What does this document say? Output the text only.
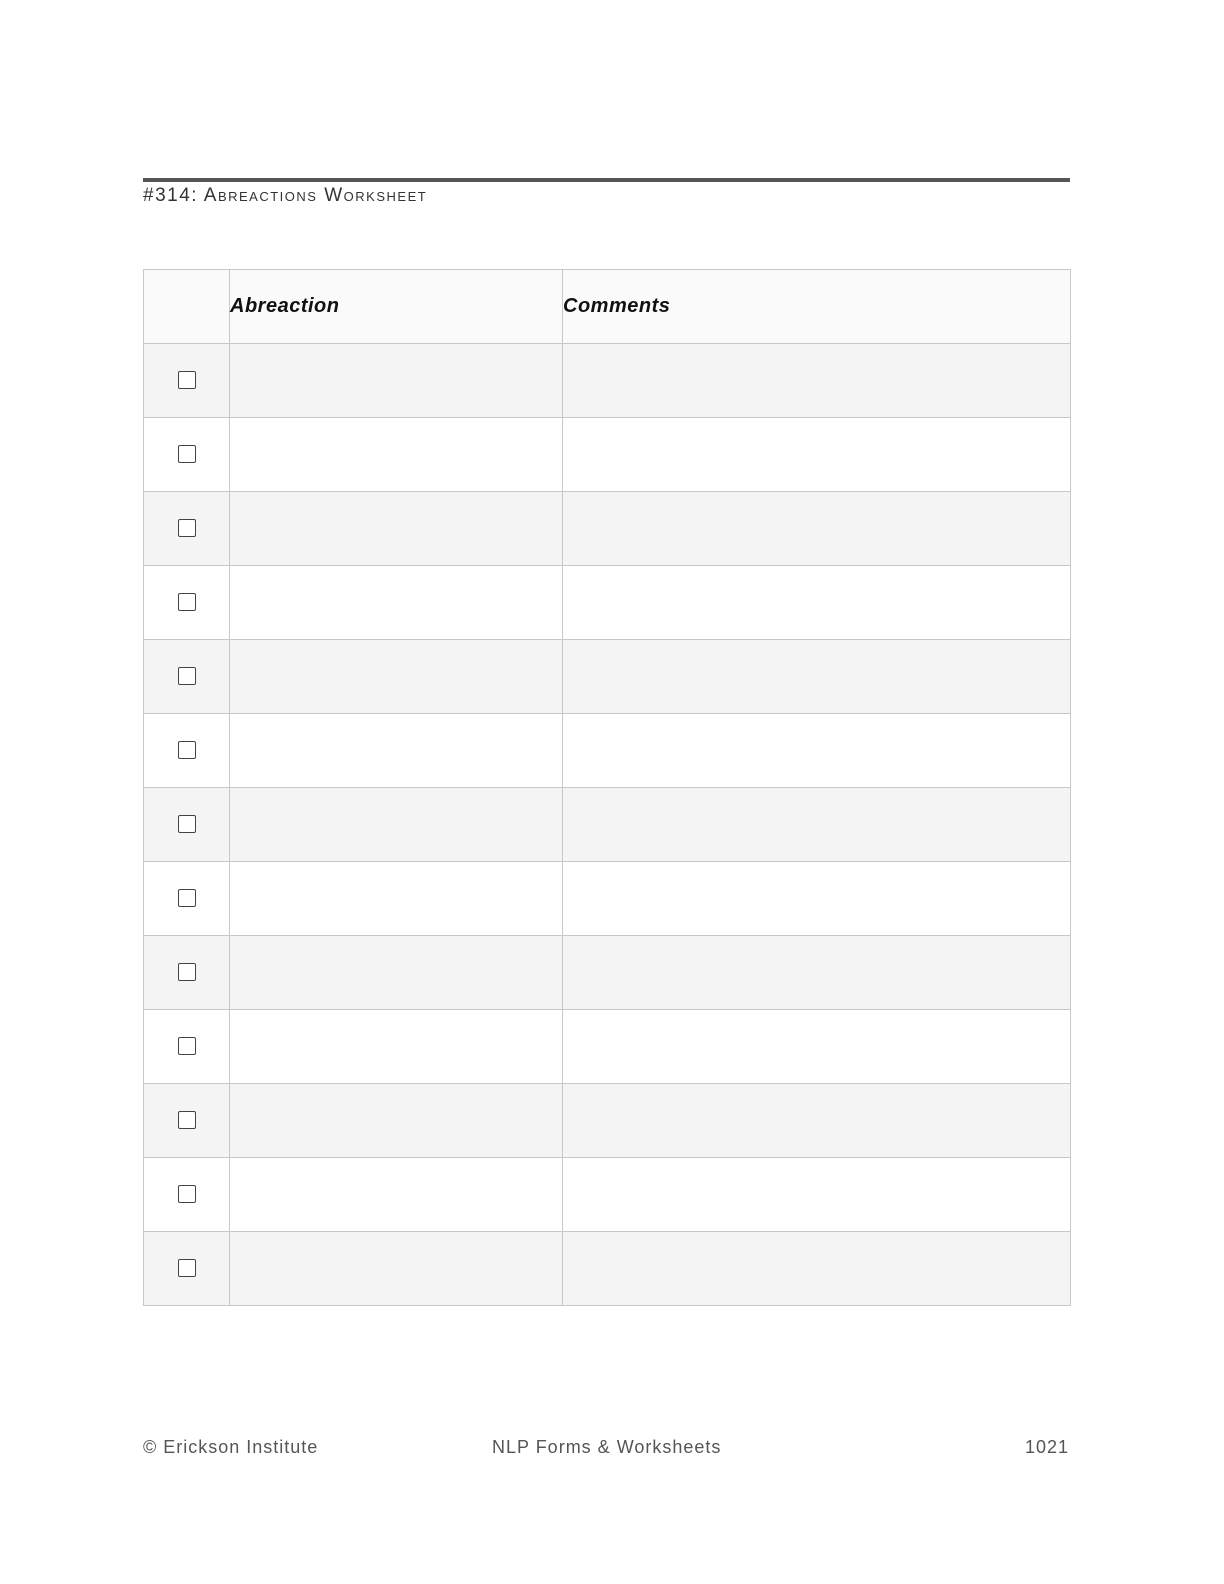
#314: Abreactions Worksheet
	Abreaction	Comments

© Erickson Institute	NLP Forms & Worksheets	1021
